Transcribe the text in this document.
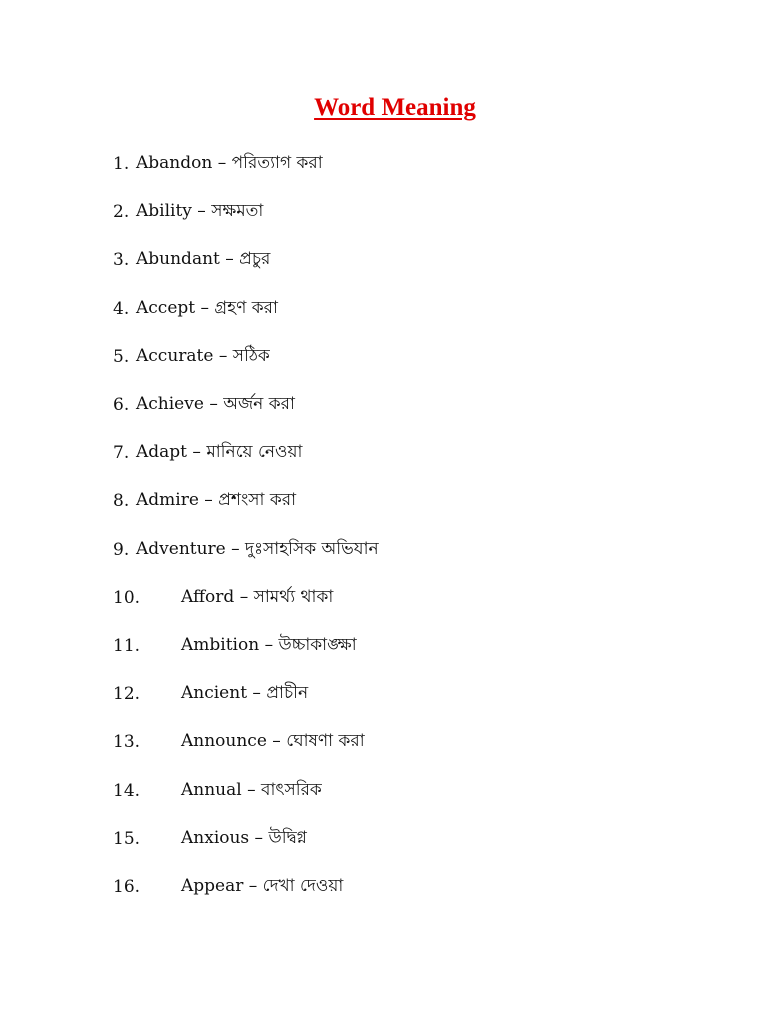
Word Meaning
1. Abandon – পরিত্যাগ করা
2. Ability – সক্ষমতা
3. Abundant – প্রচুর
4. Accept – গ্রহণ করা
5. Accurate – সঠিক
6. Achieve – অর্জন করা
7. Adapt – মানিয়ে নেওয়া
8. Admire – প্রশংসা করা
9. Adventure – দুঃসাহসিক অভিযান
10.	Afford – সামর্থ্য থাকা
11.	Ambition – উচ্চাকাঙ্ক্ষা
12.	Ancient – প্রাচীন
13.	Announce – ঘোষণা করা
14.	Annual – বাৎসরিক
15.	Anxious – উদ্বিগ্ন
16.	Appear – দেখা দেওয়া
